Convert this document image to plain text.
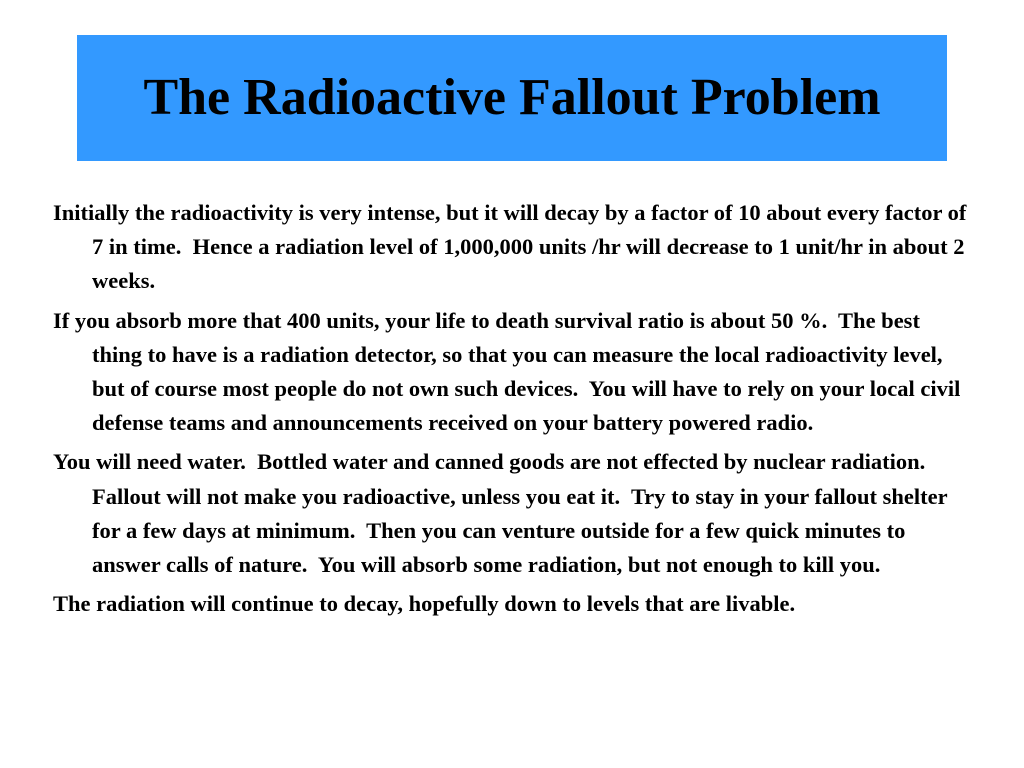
The Radioactive Fallout Problem
Initially the radioactivity is very intense, but it will decay by a factor of 10 about every factor of 7 in time.  Hence a radiation level of 1,000,000 units /hr will decrease to 1 unit/hr in about 2 weeks.
If you absorb more that 400 units, your life to death survival ratio is about 50 %.  The best thing to have is a radiation detector, so that you can measure the local radioactivity level, but of course most people do not own such devices.  You will have to rely on your local civil defense teams and announcements received on your battery powered radio.
You will need water.  Bottled water and canned goods are not effected by nuclear radiation.   Fallout will not make you radioactive, unless you eat it.  Try to stay in your fallout shelter for a few days at minimum.  Then you can venture outside for a few quick minutes to answer calls of nature.  You will absorb some radiation, but not enough to kill you.
The radiation will continue to decay, hopefully down to levels that are livable.
